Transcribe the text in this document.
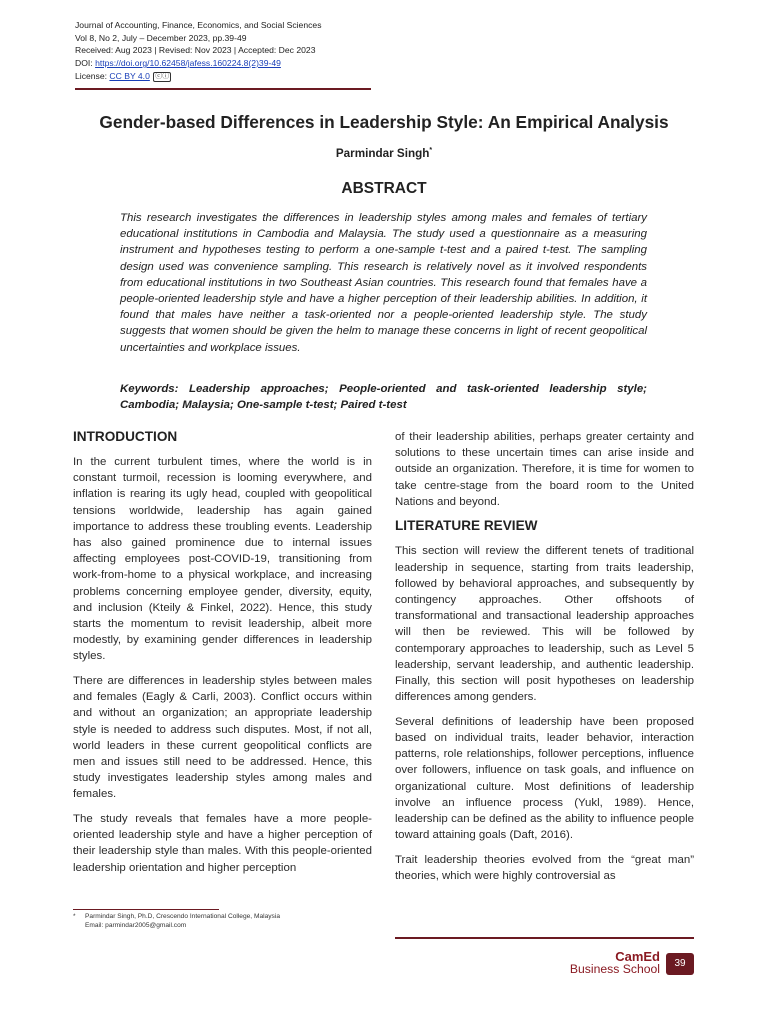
Journal of Accounting, Finance, Economics, and Social Sciences
Vol 8, No 2, July – December 2023, pp.39-49
Received: Aug 2023 | Revised: Nov 2023 | Accepted: Dec 2023
DOI: https://doi.org/10.62458/jafess.160224.8(2)39-49
License: CC BY 4.0 ⓒⓘ
Gender-based Differences in Leadership Style: An Empirical Analysis
Parmindar Singh*
ABSTRACT
This research investigates the differences in leadership styles among males and females of tertiary educational institutions in Cambodia and Malaysia. The study used a questionnaire as a measuring instrument and hypotheses testing to perform a one-sample t-test and a paired t-test. The sampling design used was convenience sampling. This research is relatively novel as it involved respondents from educational institutions in two Southeast Asian countries. This research found that females have a people-oriented leadership style and have a higher perception of their leadership abilities. In addition, it found that males have neither a task-oriented nor a people-oriented leadership style. The study suggests that women should be given the helm to manage these concerns in light of recent geopolitical uncertainties and workplace issues.
Keywords: Leadership approaches; People-oriented and task-oriented leadership style; Cambodia; Malaysia; One-sample t-test; Paired t-test
INTRODUCTION

In the current turbulent times, where the world is in constant turmoil, recession is looming everywhere, and inflation is rearing its ugly head, coupled with geopolitical tensions worldwide, leadership has again gained importance to address these troubling events. Leadership has also gained prominence due to internal issues affecting employees post-COVID-19, transitioning from work-from-home to a physical workplace, and increasing problems concerning employee gender, diversity, equity, and inclusion (Kteily & Finkel, 2022). Hence, this study starts the momentum to revisit leadership, albeit more modestly, by examining gender differences in leadership styles.

There are differences in leadership styles between males and females (Eagly & Carli, 2003). Conflict occurs within and without an organization; an appropriate leadership style is needed to address such disputes. Most, if not all, world leaders in these current geopolitical conflicts are men and issues still need to be addressed. Hence, this study investigates leadership styles among males and females.

The study reveals that females have a more people-oriented leadership style and have a higher perception of their leadership style than males. With this people-oriented leadership orientation and higher perception

of their leadership abilities, perhaps greater certainty and solutions to these uncertain times can arise inside and outside an organization. Therefore, it is time for women to take centre-stage from the board room to the United Nations and beyond.

LITERATURE REVIEW

This section will review the different tenets of traditional leadership in sequence, starting from traits leadership, followed by behavioral approaches, and subsequently by contingency approaches. Other offshoots of transformational and transactional leadership approaches will then be reviewed. This will be followed by contemporary approaches to leadership, such as Level 5 leadership, servant leadership, and authentic leadership. Finally, this section will posit hypotheses on leadership differences among genders.

Several definitions of leadership have been proposed based on individual traits, leader behavior, interaction patterns, role relationships, follower perceptions, influence over followers, influence on task goals, and influence on organizational culture. Most definitions of leadership involve an influence process (Yukl, 1989). Hence, leadership can be defined as the ability to influence people toward attaining goals (Daft, 2016).

Trait leadership theories evolved from the “great man” theories, which were highly controversial as

* Parmindar Singh, Ph.D, Crescendo International College, Malaysia
Email: parmindar2005@gmail.com
CamEd
Business School	39
